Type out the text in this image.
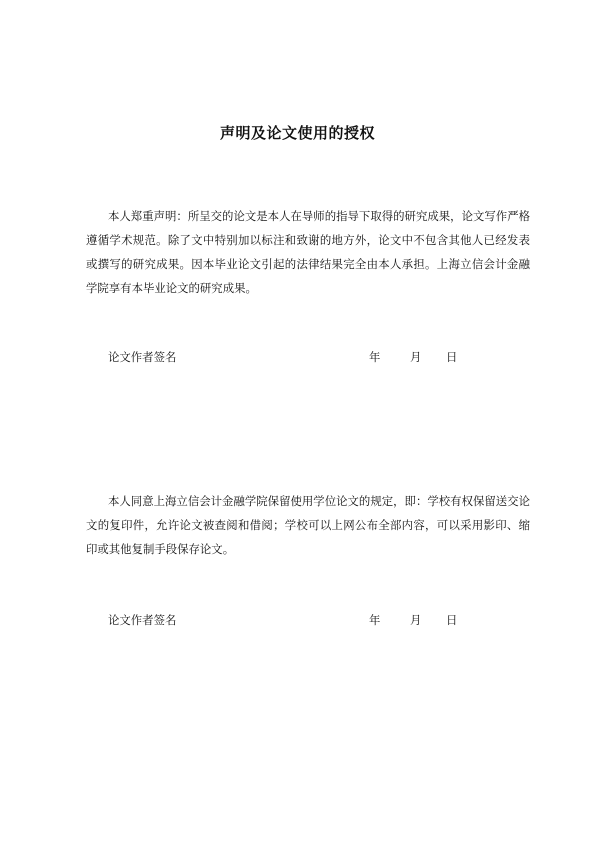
声明及论文使用的授权

本人郑重声明：所呈交的论文是本人在导师的指导下取得的研究成果，论文写作严格遵循学术规范。除了文中特别加以标注和致谢的地方外，论文中不包含其他人已经发表或撰写的研究成果。因本毕业论文引起的法律结果完全由本人承担。上海立信会计金融学院享有本毕业论文的研究成果。

论文作者签名	年	月 日

本人同意上海立信会计金融学院保留使用学位论文的规定，即：学校有权保留送交论文的复印件，允许论文被查阅和借阅；学校可以上网公布全部内容，可以采用影印、缩印或其他复制手段保存论文。

论文作者签名	年	月 日
